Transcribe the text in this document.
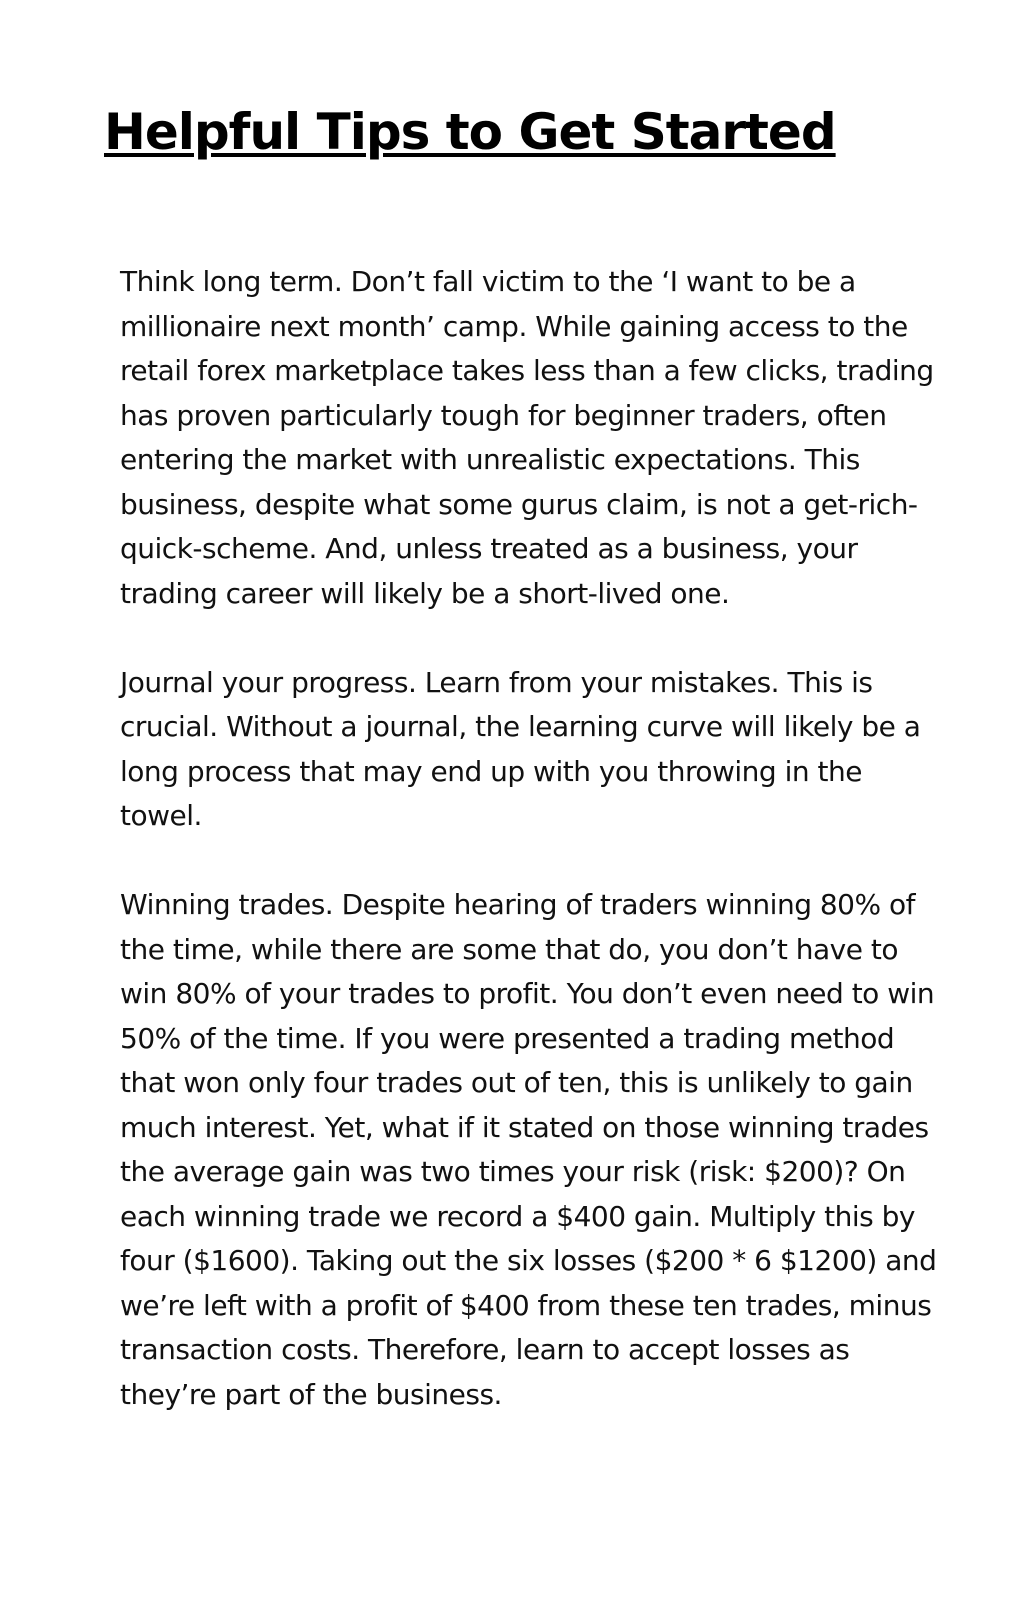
Helpful Tips to Get Started

Think long term. Don’t fall victim to the ‘I want to be a millionaire next month’ camp. While gaining access to the retail forex marketplace takes less than a few clicks, trading has proven particularly tough for beginner traders, often entering the market with unrealistic expectations. This business, despite what some gurus claim, is not a get-rich-quick-scheme. And, unless treated as a business, your trading career will likely be a short-lived one.

Journal your progress. Learn from your mistakes. This is crucial. Without a journal, the learning curve will likely be a long process that may end up with you throwing in the towel.

Winning trades. Despite hearing of traders winning 80% of the time, while there are some that do, you don’t have to win 80% of your trades to profit. You don’t even need to win 50% of the time. If you were presented a trading method that won only four trades out of ten, this is unlikely to gain much interest. Yet, what if it stated on those winning trades the average gain was two times your risk (risk: $200)? On each winning trade we record a $400 gain. Multiply this by four ($1600). Taking out the six losses ($200 * 6 $1200) and we’re left with a profit of $400 from these ten trades, minus transaction costs. Therefore, learn to accept losses as they’re part of the business.
